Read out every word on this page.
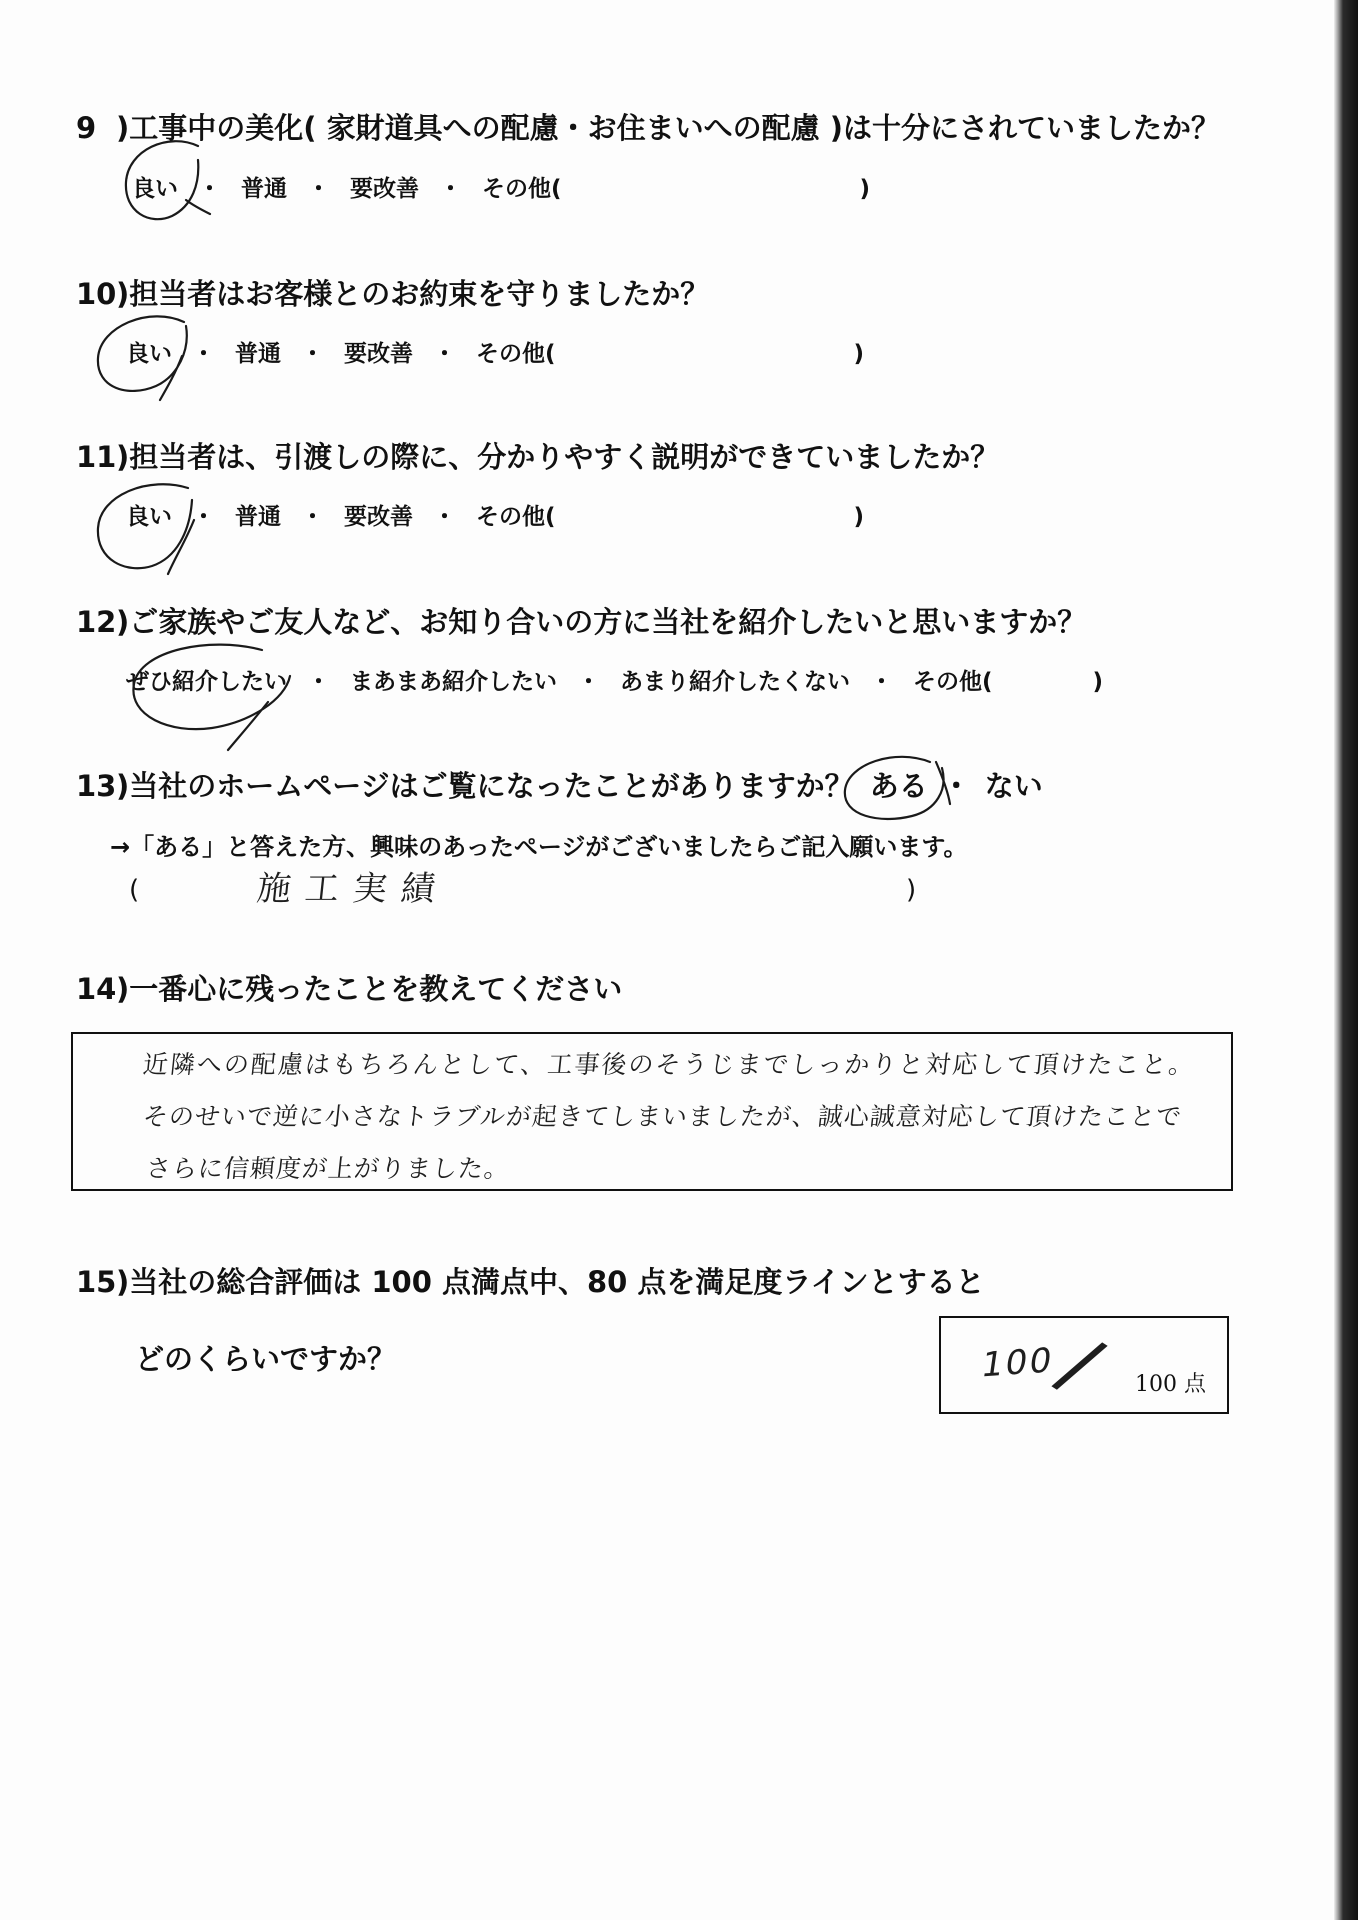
9 )工事中の美化( 家財道具への配慮・お住まいへの配慮 )は十分にされていましたか？
良い ・ 普通 ・ 要改善 ・ その他(	)
10)担当者はお客様とのお約束を守りましたか？
良い ・ 普通 ・ 要改善 ・ その他(	)
11)担当者は、引渡しの際に、分かりやすく説明ができていましたか？
良い ・ 普通 ・ 要改善 ・ その他(	)
12)ご家族やご友人など、お知り合いの方に当社を紹介したいと思いますか？
ぜひ紹介したい ・ まあまあ紹介したい ・ あまり紹介したくない ・ その他(	)
13)当社のホームページはご覧になったことがありますか？ ある ・ ない
→「ある」と答えた方、興味のあったページがございましたらご記入願います。
(	施工実績	)
14)一番心に残ったことを教えてください
近隣への配慮はもちろんとして、工事後のそうじまでしっかりと対応して頂けたこと。
そのせいで逆に小さなトラブルが起きてしまいましたが、誠心誠意対応して頂けたことで
さらに信頼度が上がりました。
15)当社の総合評価は 100 点満点中、80 点を満足度ラインとすると
どのくらいですか？	100
/ 100 点
